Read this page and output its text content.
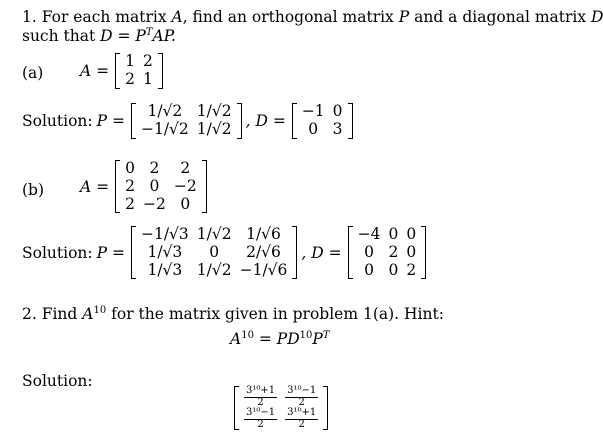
1. For each matrix A, find an orthogonal matrix P and a diagonal matrix D
such that $D = P^TAP$.
(a) A =
1	2
2	1
Solution: P =
1/√2	1/√2
−1/√2	1/√2 , D =
−1	0
0	3
(b) A =
0	2	2
2	0	−2
2	−2	0
Solution: P =
−1/√3	1/√2	1/√6
1/√3	0	2/√6
1/√3	1/√2	−1/√6
, D =
−4	0	0
0	2	0
0	0	2
2. Find $A^{10}$ for the matrix given in problem 1(a). Hint:
$A^{10} = PD^{10}P^T$
Solution:
$\frac{\text{3¹⁰+1}}{2}$	$\frac{\text{3¹⁰−1}}{2}$

$\frac{\text{3¹⁰−1}}{2}$	$\frac{\text{3¹⁰+1}}{2}$
